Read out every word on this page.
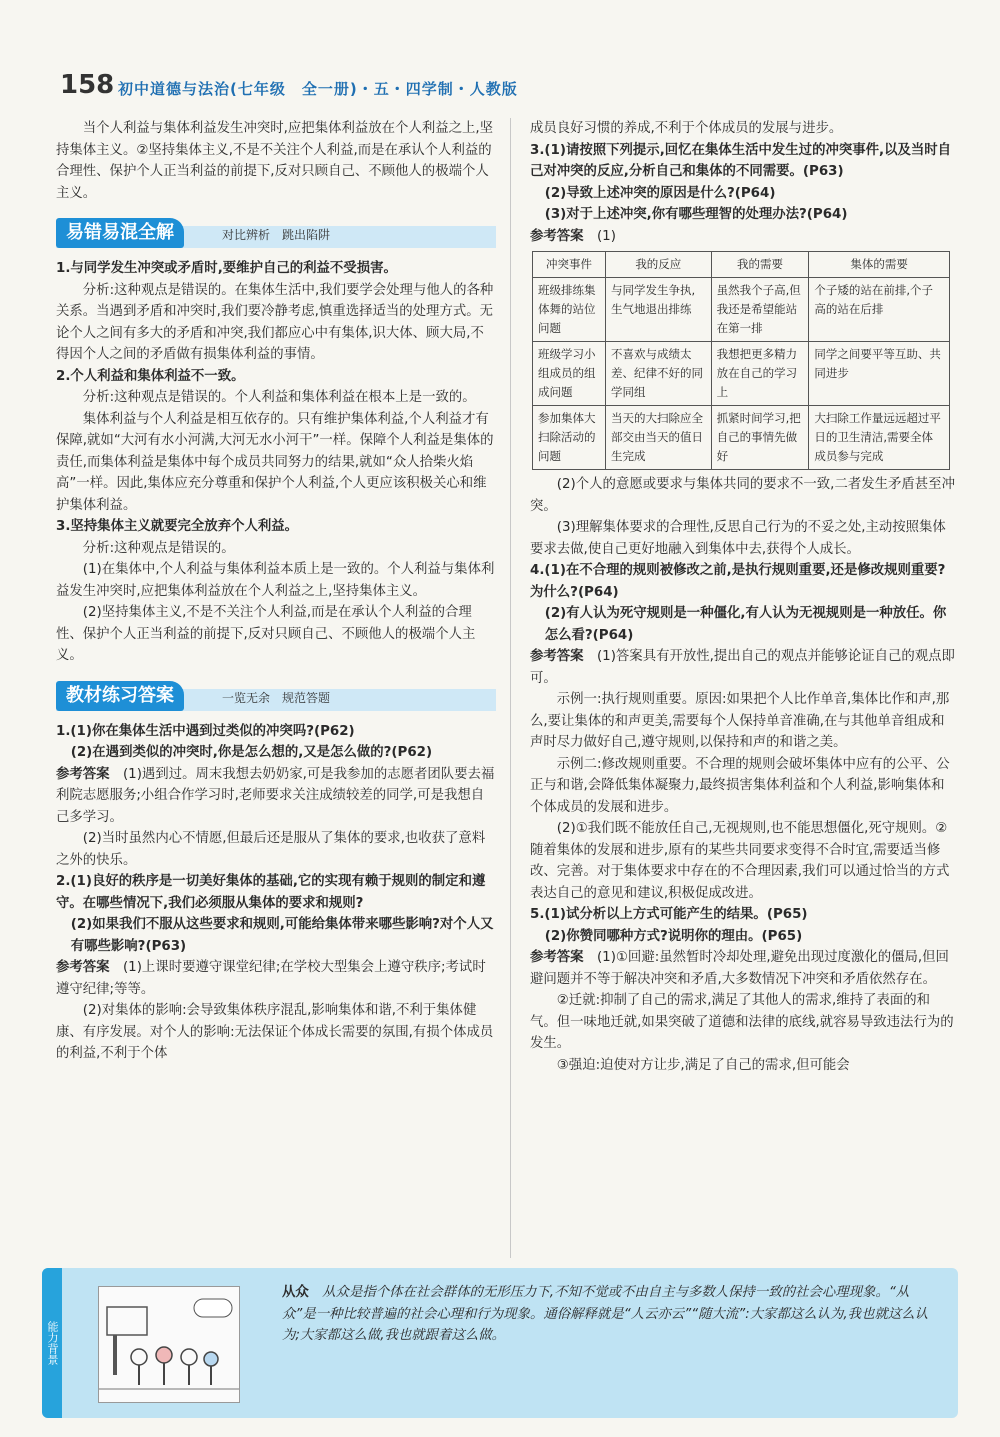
158 初中道德与法治(七年级　全一册)・五・四学制・人教版

当个人利益与集体利益发生冲突时,应把集体利益放在个人利益之上,坚持集体主义。②坚持集体主义,不是不关注个人利益,而是在承认个人利益的合理性、保护个人正当利益的前提下,反对只顾自己、不顾他人的极端个人主义。

易错易混全解	对比辨析　跳出陷阱

1.与同学发生冲突或矛盾时,要维护自己的利益不受损害。

分析:这种观点是错误的。在集体生活中,我们要学会处理与他人的各种关系。当遇到矛盾和冲突时,我们要冷静考虑,慎重选择适当的处理方式。无论个人之间有多大的矛盾和冲突,我们都应心中有集体,识大体、顾大局,不得因个人之间的矛盾做有损集体利益的事情。

2.个人利益和集体利益不一致。

分析:这种观点是错误的。个人利益和集体利益在根本上是一致的。

集体利益与个人利益是相互依存的。只有维护集体利益,个人利益才有保障,就如“大河有水小河满,大河无水小河干”一样。保障个人利益是集体的责任,而集体利益是集体中每个成员共同努力的结果,就如“众人拾柴火焰高”一样。因此,集体应充分尊重和保护个人利益,个人更应该积极关心和维护集体利益。

3.坚持集体主义就要完全放弃个人利益。

分析:这种观点是错误的。

(1)在集体中,个人利益与集体利益本质上是一致的。个人利益与集体利益发生冲突时,应把集体利益放在个人利益之上,坚持集体主义。

(2)坚持集体主义,不是不关注个人利益,而是在承认个人利益的合理性、保护个人正当利益的前提下,反对只顾自己、不顾他人的极端个人主义。

教材练习答案	一览无余　规范答题

1.(1)你在集体生活中遇到过类似的冲突吗?(P62)

(2)在遇到类似的冲突时,你是怎么想的,又是怎么做的?(P62)

参考答案　 (1)遇到过。周末我想去奶奶家,可是我参加的志愿者团队要去福利院志愿服务;小组合作学习时,老师要求关注成绩较差的同学,可是我想自己多学习。

(2)当时虽然内心不情愿,但最后还是服从了集体的要求,也收获了意料之外的快乐。

2.(1)良好的秩序是一切美好集体的基础,它的实现有赖于规则的制定和遵守。在哪些情况下,我们必须服从集体的要求和规则?

(2)如果我们不服从这些要求和规则,可能给集体带来哪些影响?对个人又有哪些影响?(P63)

参考答案　 (1)上课时要遵守课堂纪律;在学校大型集会上遵守秩序;考试时遵守纪律;等等。

(2)对集体的影响:会导致集体秩序混乱,影响集体和谐,不利于集体健康、有序发展。对个人的影响:无法保证个体成长需要的氛围,有损个体成员的利益,不利于个体

成员良好习惯的养成,不利于个体成员的发展与进步。

3.(1)请按照下列提示,回忆在集体生活中发生过的冲突事件,以及当时自己对冲突的反应,分析自己和集体的不同需要。(P63)

(2)导致上述冲突的原因是什么?(P64)

(3)对于上述冲突,你有哪些理智的处理办法?(P64)

参考答案　 (1)

冲突事件	我的反应	我的需要	集体的需要
班级排练集体舞的站位问题	与同学发生争执,生气地退出排练	虽然我个子高,但我还是希望能站在第一排	个子矮的站在前排,个子高的站在后排
班级学习小组成员的组成问题	不喜欢与成绩太差、纪律不好的同学同组	我想把更多精力放在自己的学习上	同学之间要平等互助、共同进步
参加集体大扫除活动的问题	当天的大扫除应全部交由当天的值日生完成	抓紧时间学习,把自己的事情先做好	大扫除工作量远远超过平日的卫生清洁,需要全体成员参与完成

(2)个人的意愿或要求与集体共同的要求不一致,二者发生矛盾甚至冲突。

(3)理解集体要求的合理性,反思自己行为的不妥之处,主动按照集体要求去做,使自己更好地融入到集体中去,获得个人成长。

4.(1)在不合理的规则被修改之前,是执行规则重要,还是修改规则重要?为什么?(P64)

(2)有人认为死守规则是一种僵化,有人认为无视规则是一种放任。你怎么看?(P64)

参考答案　 (1)答案具有开放性,提出自己的观点并能够论证自己的观点即可。

示例一:执行规则重要。原因:如果把个人比作单音,集体比作和声,那么,要让集体的和声更美,需要每个人保持单音准确,在与其他单音组成和声时尽力做好自己,遵守规则,以保持和声的和谐之美。

示例二:修改规则重要。不合理的规则会破坏集体中应有的公平、公正与和谐,会降低集体凝聚力,最终损害集体利益和个人利益,影响集体和个体成员的发展和进步。

(2)①我们既不能放任自己,无视规则,也不能思想僵化,死守规则。②随着集体的发展和进步,原有的某些共同要求变得不合时宜,需要适当修改、完善。对于集体要求中存在的不合理因素,我们可以通过恰当的方式表达自己的意见和建议,积极促成改进。

5.(1)试分析以上方式可能产生的结果。(P65)

(2)你赞同哪种方式?说明你的理由。(P65)

参考答案　 (1)①回避:虽然暂时冷却处理,避免出现过度激化的僵局,但回避问题并不等于解决冲突和矛盾,大多数情况下冲突和矛盾依然存在。

②迁就:抑制了自己的需求,满足了其他人的需求,维持了表面的和气。但一味地迁就,如果突破了道德和法律的底线,就容易导致违法行为的发生。

③强迫:迫使对方让步,满足了自己的需求,但可能会

能力背景
从众　 从众是指个体在社会群体的无形压力下,不知不觉或不由自主与多数人保持一致的社会心理现象。“从众”是一种比较普遍的社会心理和行为现象。通俗解释就是“人云亦云”“随大流”:大家都这么认为,我也就这么认为;大家都这么做,我也就跟着这么做。
